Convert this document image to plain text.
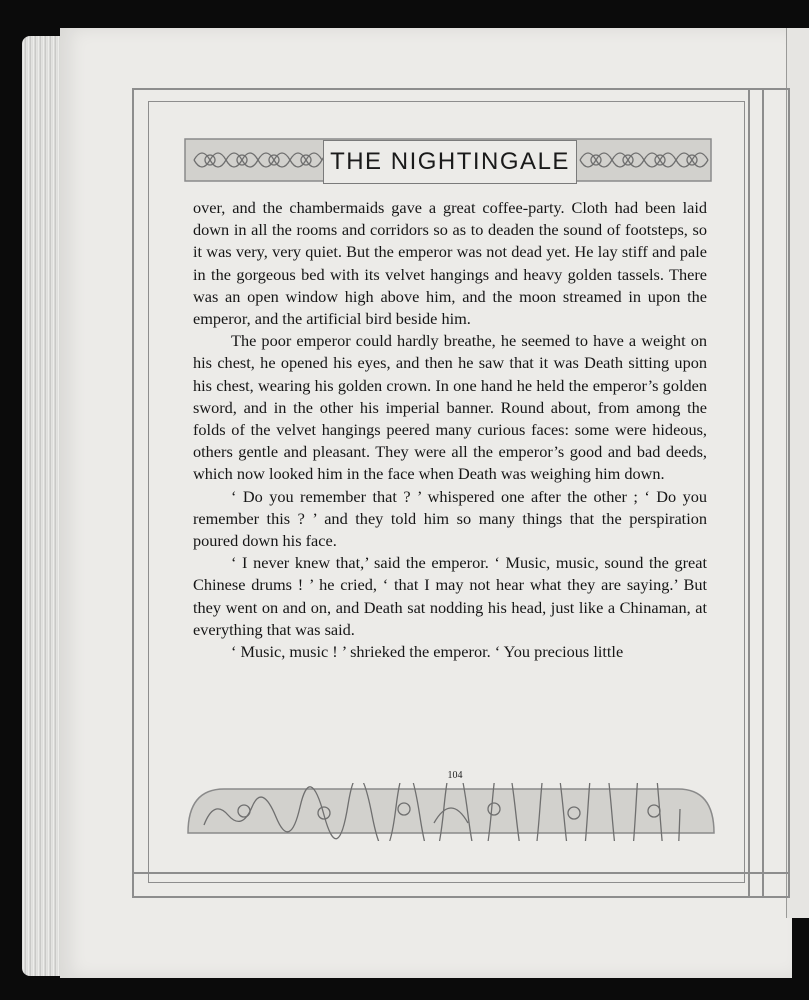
THE NIGHTINGALE

over, and the chambermaids gave a great coffee-party. Cloth had been laid down in all the rooms and corridors so as to deaden the sound of footsteps, so it was very, very quiet. But the emperor was not dead yet. He lay stiff and pale in the gorgeous bed with its velvet hangings and heavy golden tassels. There was an open window high above him, and the moon streamed in upon the emperor, and the artificial bird beside him.

The poor emperor could hardly breathe, he seemed to have a weight on his chest, he opened his eyes, and then he saw that it was Death sitting upon his chest, wearing his golden crown. In one hand he held the emperor’s golden sword, and in the other his imperial banner. Round about, from among the folds of the velvet hangings peered many curious faces: some were hideous, others gentle and pleasant. They were all the emperor’s good and bad deeds, which now looked him in the face when Death was weighing him down.

‘ Do you remember that ? ’ whispered one after the other ; ‘ Do you remember this ? ’ and they told him so many things that the perspiration poured down his face.

‘ I never knew that,’ said the emperor. ‘ Music, music, sound the great Chinese drums ! ’ he cried, ‘ that I may not hear what they are saying.’ But they went on and on, and Death sat nodding his head, just like a Chinaman, at everything that was said.

‘ Music, music ! ’ shrieked the emperor. ‘ You precious little

104
